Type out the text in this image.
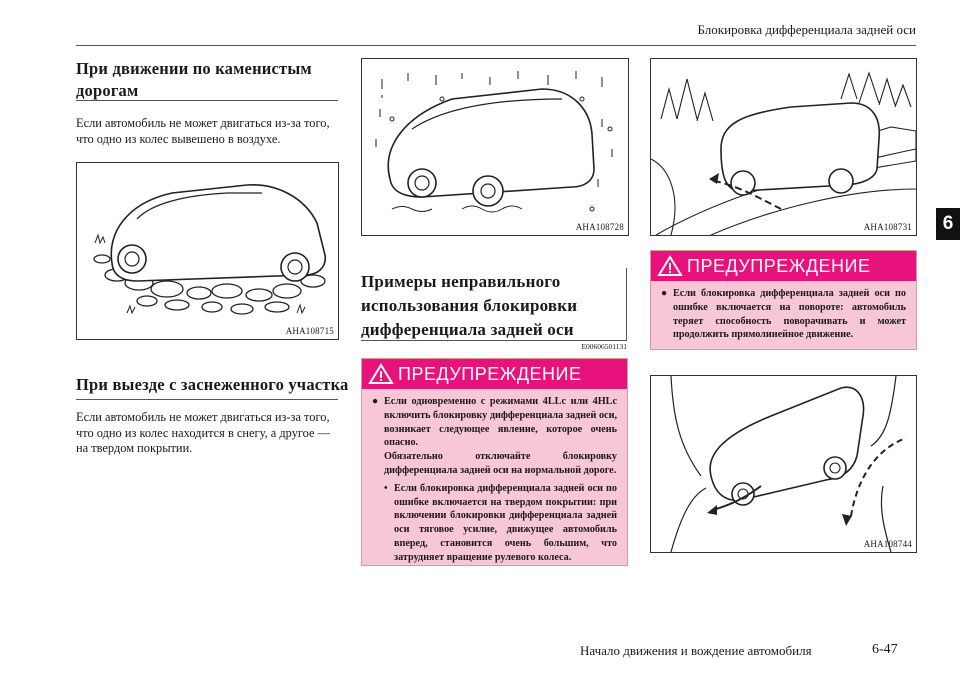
Блокировка дифференциала задней оси
6
При движении по каменистым дорогам
Если автомобиль не может двигаться из-за того, что одно из колес вывешено в воздухе.
AHA108715
При выезде с заснеженного участка
Если автомобиль не может двигаться из-за того, что одно из колес находится в снегу, а другое — на твердом покрытии.
AHA108728
Примеры неправильного использования блокировки дифференциала задней оси
E00606501131
ПРЕДУПРЕЖДЕНИЕ
● Если одновременно с режимами 4LLc или 4HLc включить блокировку дифференциала задней оси, возникает следующее явление, которое очень опасно.
Обязательно отключайте блокировку дифференциала задней оси на нормальной дороге.
• Если блокировка дифференциала задней оси по ошибке включается на твердом покрытии: при включении блокировки дифференциала задней оси тяговое усилие, движущее автомобиль вперед, становится очень большим, что затрудняет вращение рулевого колеса.
AHA108731
ПРЕДУПРЕЖДЕНИЕ
● Если блокировка дифференциала задней оси по ошибке включается на повороте: автомобиль теряет способность поворачивать и может продолжить прямолинейное движение.
AHA108744
Начало движения и вождение автомобиля	6-47
